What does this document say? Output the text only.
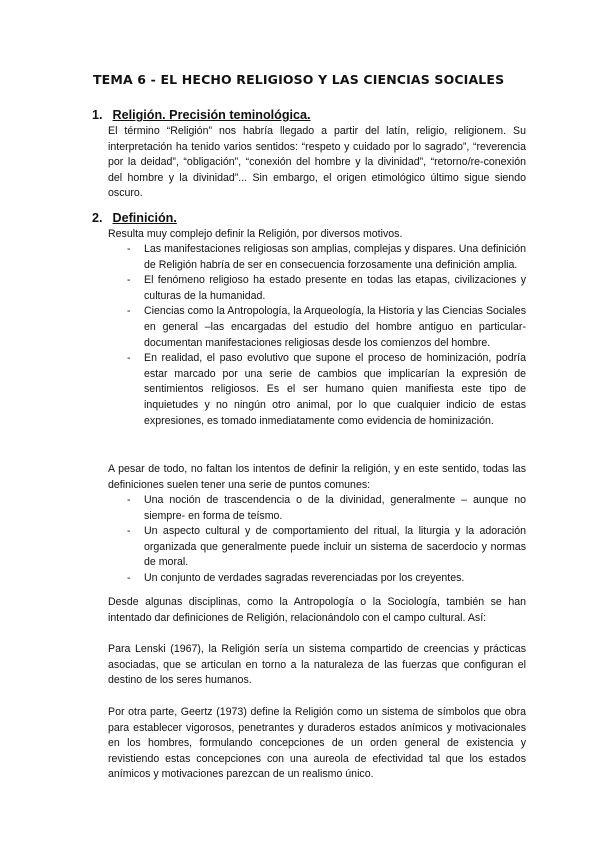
TEMA 6 - EL HECHO RELIGIOSO Y LAS CIENCIAS SOCIALES
1. Religión. Precisión teminológica.
El término “Religión” nos habría llegado a partir del latín, religio, religionem. Su interpretación ha tenido varios sentidos: “respeto y cuidado por lo sagrado”, “reverencia por la deidad”, “obligación”, “conexión del hombre y la divinidad”, “retorno/re-conexión del hombre y la divinidad”... Sin embargo, el origen etimológico último sigue siendo oscuro.
2. Definición.
Resulta muy complejo definir la Religión, por diversos motivos.
- Las manifestaciones religiosas son amplias, complejas y dispares. Una definición de Religión habría de ser en consecuencia forzosamente una definición amplia.
- El fenómeno religioso ha estado presente en todas las etapas, civilizaciones y culturas de la humanidad.
- Ciencias como la Antropología, la Arqueología, la Historia y las Ciencias Sociales en general –las encargadas del estudio del hombre antiguo en particular- documentan manifestaciones religiosas desde los comienzos del hombre.
- En realidad, el paso evolutivo que supone el proceso de hominización, podría estar marcado por una serie de cambios que implicarían la expresión de sentimientos religiosos. Es el ser humano quien manifiesta este tipo de inquietudes y no ningún otro animal, por lo que cualquier indicio de estas expresiones, es tomado inmediatamente como evidencia de hominización.
A pesar de todo, no faltan los intentos de definir la religión, y en este sentido, todas las definiciones suelen tener una serie de puntos comunes:
- Una noción de trascendencia o de la divinidad, generalmente – aunque no siempre- en forma de teísmo.
- Un aspecto cultural y de comportamiento del ritual, la liturgia y la adoración organizada que generalmente puede incluir un sistema de sacerdocio y normas de moral.
- Un conjunto de verdades sagradas reverenciadas por los creyentes.
Desde algunas disciplinas, como la Antropología o la Sociología, también se han intentado dar definiciones de Religión, relacionándolo con el campo cultural. Así:
Para Lenski (1967), la Religión sería un sistema compartido de creencias y prácticas asociadas, que se articulan en torno a la naturaleza de las fuerzas que configuran el destino de los seres humanos.
Por otra parte, Geertz (1973) define la Religión como un sistema de símbolos que obra para establecer vigorosos, penetrantes y duraderos estados anímicos y motivacionales en los hombres, formulando concepciones de un orden general de existencia y revistiendo estas concepciones con una aureola de efectividad tal que los estados anímicos y motivaciones parezcan de un realismo único.
